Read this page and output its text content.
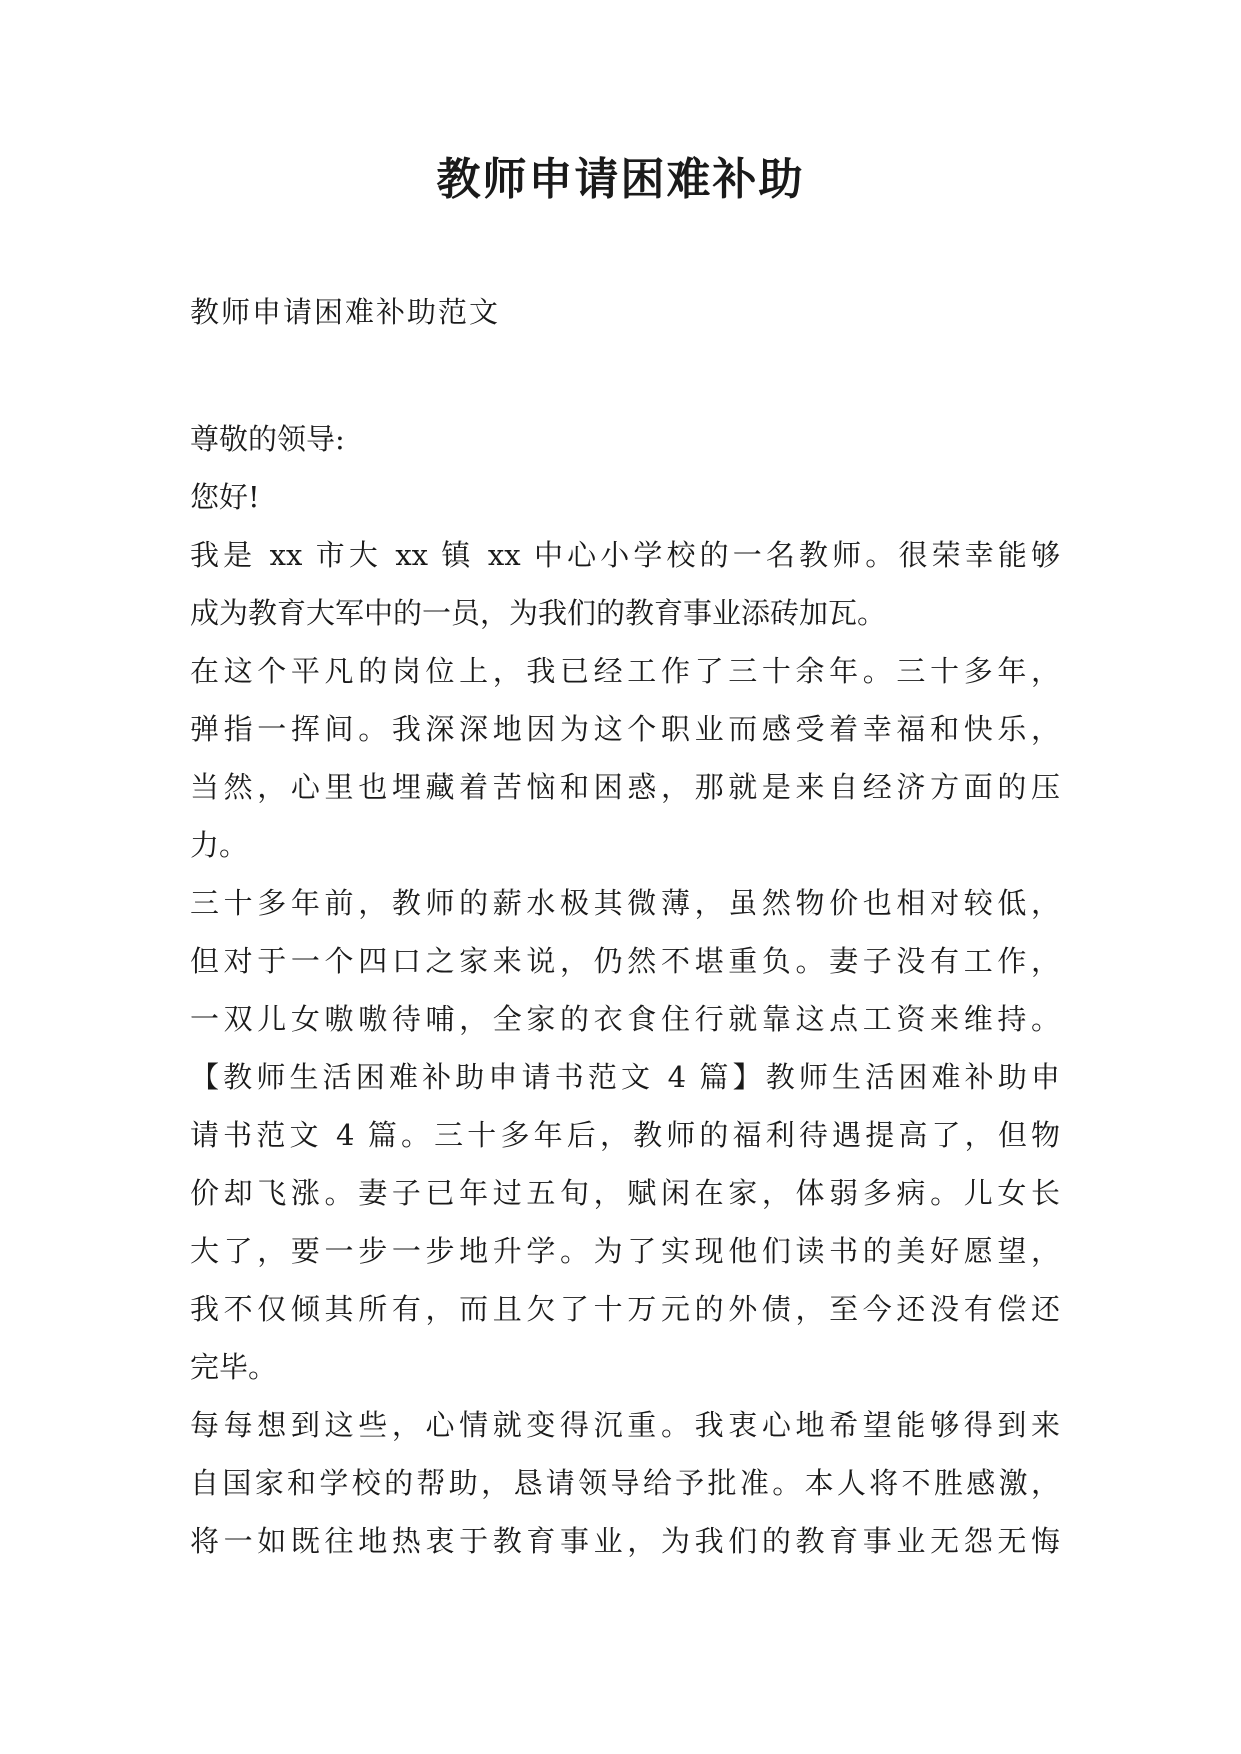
教师申请困难补助

教师申请困难补助范文

尊敬的领导:
您好!
我是 xx 市大 xx 镇 xx 中心小学校的一名教师。很荣幸能够
成为教育大军中的一员，为我们的教育事业添砖加瓦。
在这个平凡的岗位上，我已经工作了三十余年。三十多年，
弹指一挥间。我深深地因为这个职业而感受着幸福和快乐，
当然，心里也埋藏着苦恼和困惑，那就是来自经济方面的压
力。
三十多年前，教师的薪水极其微薄，虽然物价也相对较低，
但对于一个四口之家来说，仍然不堪重负。妻子没有工作，
一双儿女嗷嗷待哺，全家的衣食住行就靠这点工资来维持。
【教师生活困难补助申请书范文 4 篇】教师生活困难补助申
请书范文 4 篇。三十多年后，教师的福利待遇提高了，但物
价却飞涨。妻子已年过五旬，赋闲在家，体弱多病。儿女长
大了，要一步一步地升学。为了实现他们读书的美好愿望，
我不仅倾其所有，而且欠了十万元的外债，至今还没有偿还
完毕。
每每想到这些，心情就变得沉重。我衷心地希望能够得到来
自国家和学校的帮助，恳请领导给予批准。本人将不胜感激，
将一如既往地热衷于教育事业，为我们的教育事业无怨无悔
